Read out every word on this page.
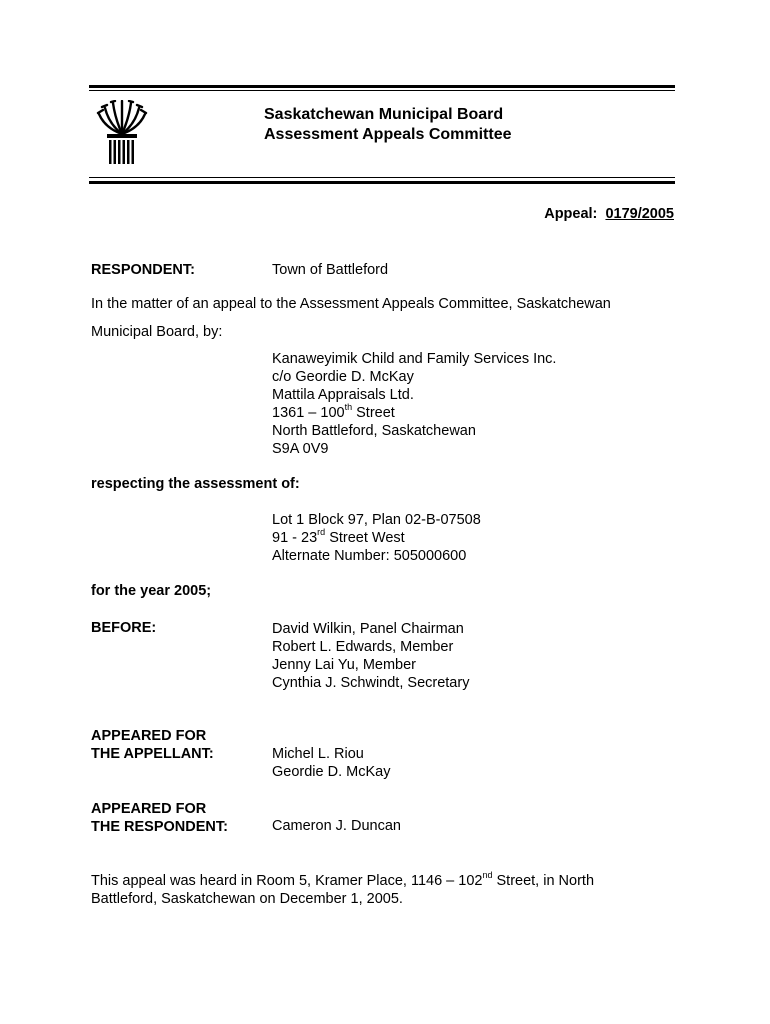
Saskatchewan Municipal Board
Assessment Appeals Committee
Appeal: 0179/2005
RESPONDENT:	Town of Battleford
In the matter of an appeal to the Assessment Appeals Committee, Saskatchewan
Municipal Board, by:
Kanaweyimik Child and Family Services Inc.
c/o Geordie D. McKay
Mattila Appraisals Ltd.
1361 – 100th Street
North Battleford, Saskatchewan
S9A 0V9
respecting the assessment of:
Lot 1 Block 97, Plan 02-B-07508
91 - 23rd Street West
Alternate Number: 505000600
for the year 2005;
BEFORE:	David Wilkin, Panel Chairman
Robert L. Edwards, Member
Jenny Lai Yu, Member
Cynthia J. Schwindt, Secretary
APPEARED FOR
THE APPELLANT:	Michel L. Riou
Geordie D. McKay
APPEARED FOR
THE RESPONDENT:	Cameron J. Duncan
This appeal was heard in Room 5, Kramer Place, 1146 – 102nd Street, in North
Battleford, Saskatchewan on December 1, 2005.
